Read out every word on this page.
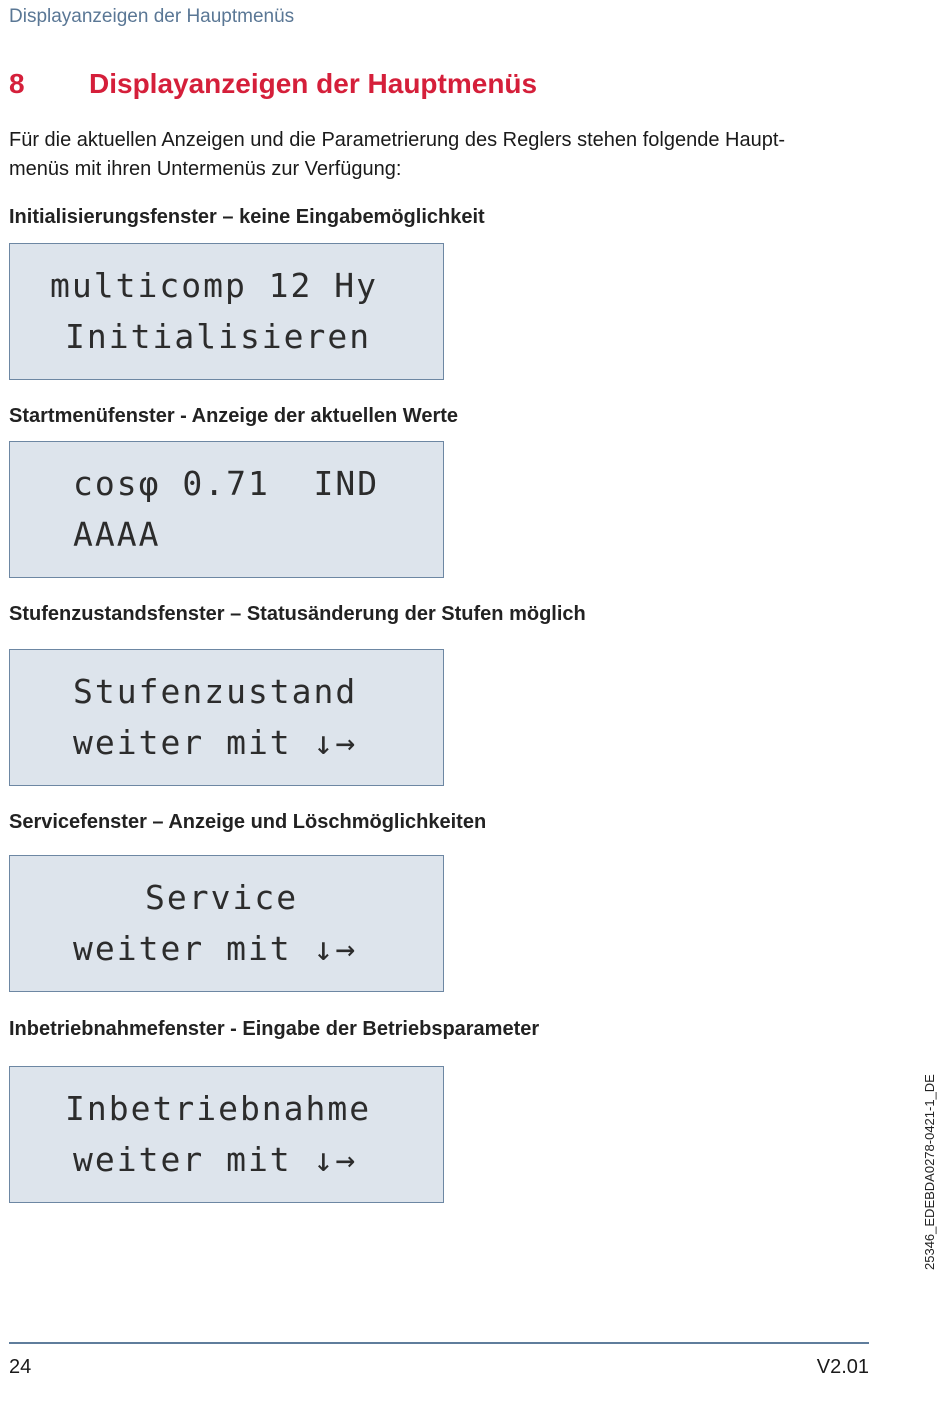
Displayanzeigen der Hauptmenüs
8 Displayanzeigen der Hauptmenüs
Für die aktuellen Anzeigen und die Parametrierung des Reglers stehen folgende Haupt-
menüs mit ihren Untermenüs zur Verfügung:
Initialisierungsfenster – keine Eingabemöglichkeit
multicomp 12 Hy
Initialisieren
Startmenüfenster - Anzeige der aktuellen Werte
cosφ 0.71  IND
AAAA
Stufenzustandsfenster – Statusänderung der Stufen möglich
Stufenzustand
weiter mit ↓→
Servicefenster – Anzeige und Löschmöglichkeiten
Service
weiter mit ↓→
Inbetriebnahmefenster - Eingabe der Betriebsparameter
Inbetriebnahme
weiter mit ↓→	25346_EDEBDA0278-0421-1_DE
24	V2.01
